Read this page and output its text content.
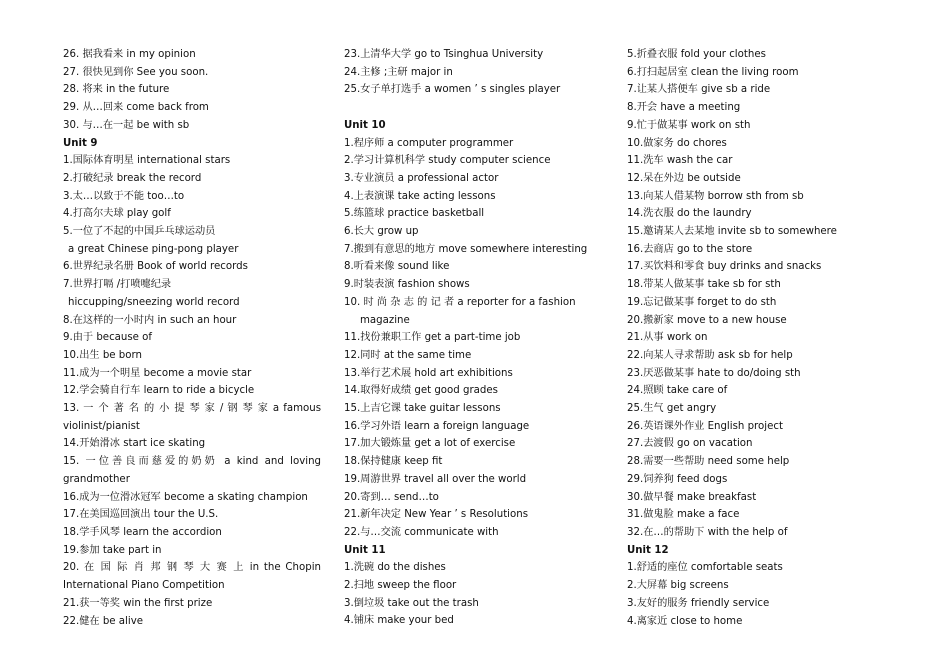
26. 据我看来 in my opinion
27. 很快见到你 See you soon.
28. 将来 in the future
29. 从…回来 come back from
30. 与…在一起 be with sb
Unit 9
1.国际体育明星 international stars
2.打破纪录 break the record
3.太…以致于不能 too…to
4.打高尔夫球 play golf
5.一位了不起的中国乒乓球运动员
a great Chinese ping-pong player
6.世界纪录名册 Book of world records
7.世界打嗝 /打喷嚏纪录
hiccupping/sneezing world record
8.在这样的一小时内 in such an hour
9.由于 because of
10.出生 be born
11.成为一个明星 become a movie star
12.学会骑自行车 learn to ride a bicycle
13. 一 个 著 名 的 小 提 琴 家 / 钢 琴 家 a famous violinist/pianist
14.开始滑冰 start ice skating
15. 一位善良而慈爱的奶奶 a kind and loving grandmother
16.成为一位滑冰冠军 become a skating champion
17.在美国巡回演出 tour the U.S.
18.学手风琴 learn the accordion
19.参加 take part in
20. 在 国 际 肖 邦 钢 琴 大 赛 上 in the Chopin International Piano Competition
21.获一等奖 win the first prize
22.健在 be alive
23.上清华大学 go to Tsinghua University
24.主修 ;主研 major in
25.女子单打选手 a women ’ s singles player
Unit 10
1.程序师 a computer programmer
2.学习计算机科学 study computer science
3.专业演员 a professional actor
4.上表演课 take acting lessons
5.练篮球 practice basketball
6.长大 grow up
7.搬到有意思的地方 move somewhere interesting
8.听看来像 sound like
9.时装表演 fashion shows
10. 时 尚 杂 志 的 记 者 a reporter for a fashion
magazine
11.找份兼职工作 get a part-time job
12.同时 at the same time
13.举行艺术展 hold art exhibitions
14.取得好成绩 get good grades
15.上吉它课 take guitar lessons
16.学习外语 learn a foreign language
17.加大锻炼量 get a lot of exercise
18.保持健康 keep fit
19.周游世界 travel all over the world
20.寄到… send…to
21.新年决定 New Year ’ s Resolutions
22.与…交流 communicate with
Unit 11
1.洗碗 do the dishes
2.扫地 sweep the floor
3.倒垃圾 take out the trash
4.铺床 make your bed
5.折叠衣服 fold your clothes
6.打扫起居室 clean the living room
7.让某人搭便车 give sb a ride
8.开会 have a meeting
9.忙于做某事 work on sth
10.做家务 do chores
11.洗车 wash the car
12.呆在外边 be outside
13.向某人借某物 borrow sth from sb
14.洗衣服 do the laundry
15.邀请某人去某地 invite sb to somewhere
16.去商店 go to the store
17.买饮料和零食 buy drinks and snacks
18.带某人做某事 take sb for sth
19.忘记做某事 forget to do sth
20.搬新家 move to a new house
21.从事 work on
22.向某人寻求帮助 ask sb for help
23.厌恶做某事 hate to do/doing sth
24.照顾 take care of
25.生气 get angry
26.英语课外作业 English project
27.去渡假 go on vacation
28.需要一些帮助 need some help
29.饲养狗 feed dogs
30.做早餐 make breakfast
31.做鬼脸 make a face
32.在…的帮助下 with the help of
Unit 12
1.舒适的座位 comfortable seats
2.大屏幕 big screens
3.友好的服务 friendly service
4.离家近 close to home
